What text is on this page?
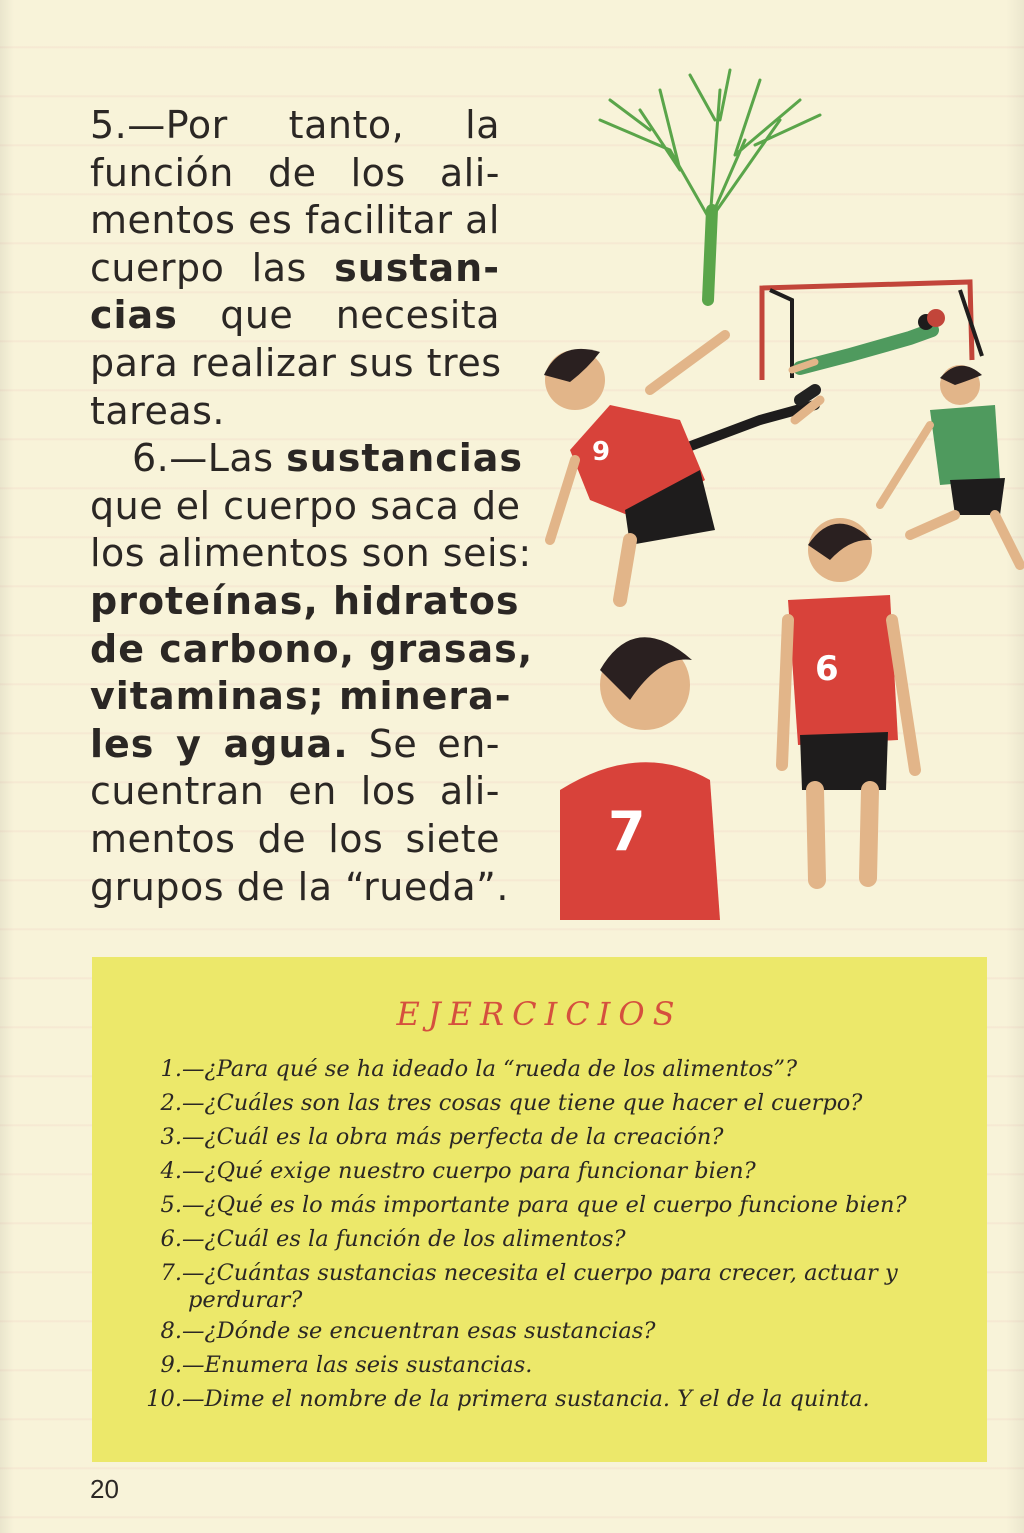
5.—Por tanto, la
función de los ali-
mentos es facilitar al
cuerpo las sustan-
cias que necesita
para realizar sus tres
tareas.
6.—Las sustancias
que el cuerpo saca de
los alimentos son seis:
proteínas, hidratos
de carbono, grasas,
vitaminas; minera-
les y agua. Se en-
cuentran en los ali-
mentos de los siete
grupos de la “rueda”.
9
6
7
EJERCICIOS
1.—¿Para qué se ha ideado la “rueda de los alimentos”?
2.—¿Cuáles son las tres cosas que tiene que hacer el cuerpo?
3.—¿Cuál es la obra más perfecta de la creación?
4.—¿Qué exige nuestro cuerpo para funcionar bien?
5.—¿Qué es lo más importante para que el cuerpo funcione bien?
6.—¿Cuál es la función de los alimentos?
7.—¿Cuántas sustancias necesita el cuerpo para crecer, actuar y
perdurar?
8.—¿Dónde se encuentran esas sustancias?
9.—Enumera las seis sustancias.
10.—Dime el nombre de la primera sustancia. Y el de la quinta.
20
